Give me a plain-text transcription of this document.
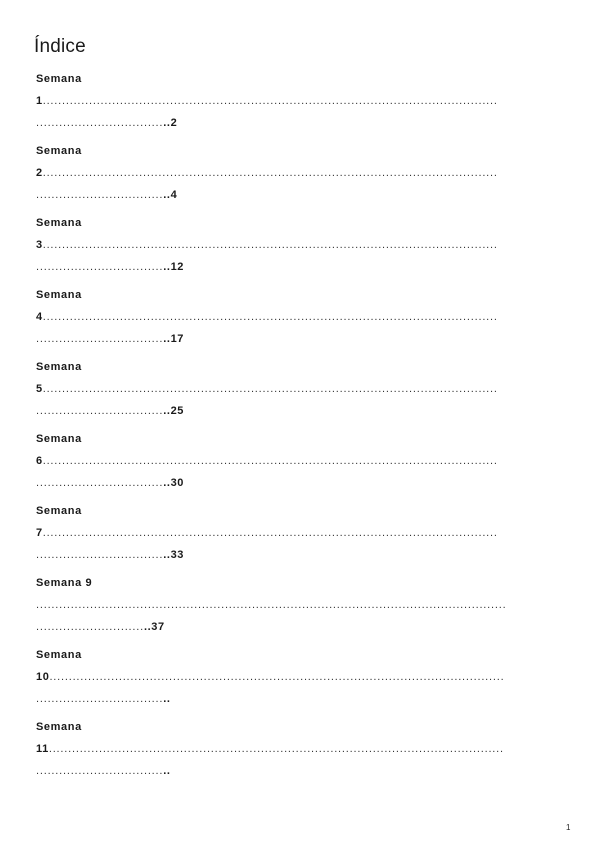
Índice
Semana
1......................................................................................................................
...................................2
Semana
2......................................................................................................................
...................................4
Semana
3......................................................................................................................
...................................12
Semana
4......................................................................................................................
...................................17
Semana
5......................................................................................................................
...................................25
Semana
6......................................................................................................................
...................................30
Semana
7......................................................................................................................
...................................33
Semana 9
..........................................................................................................................
..............................37
Semana
10......................................................................................................................
...................................
Semana
11......................................................................................................................
...................................
1
